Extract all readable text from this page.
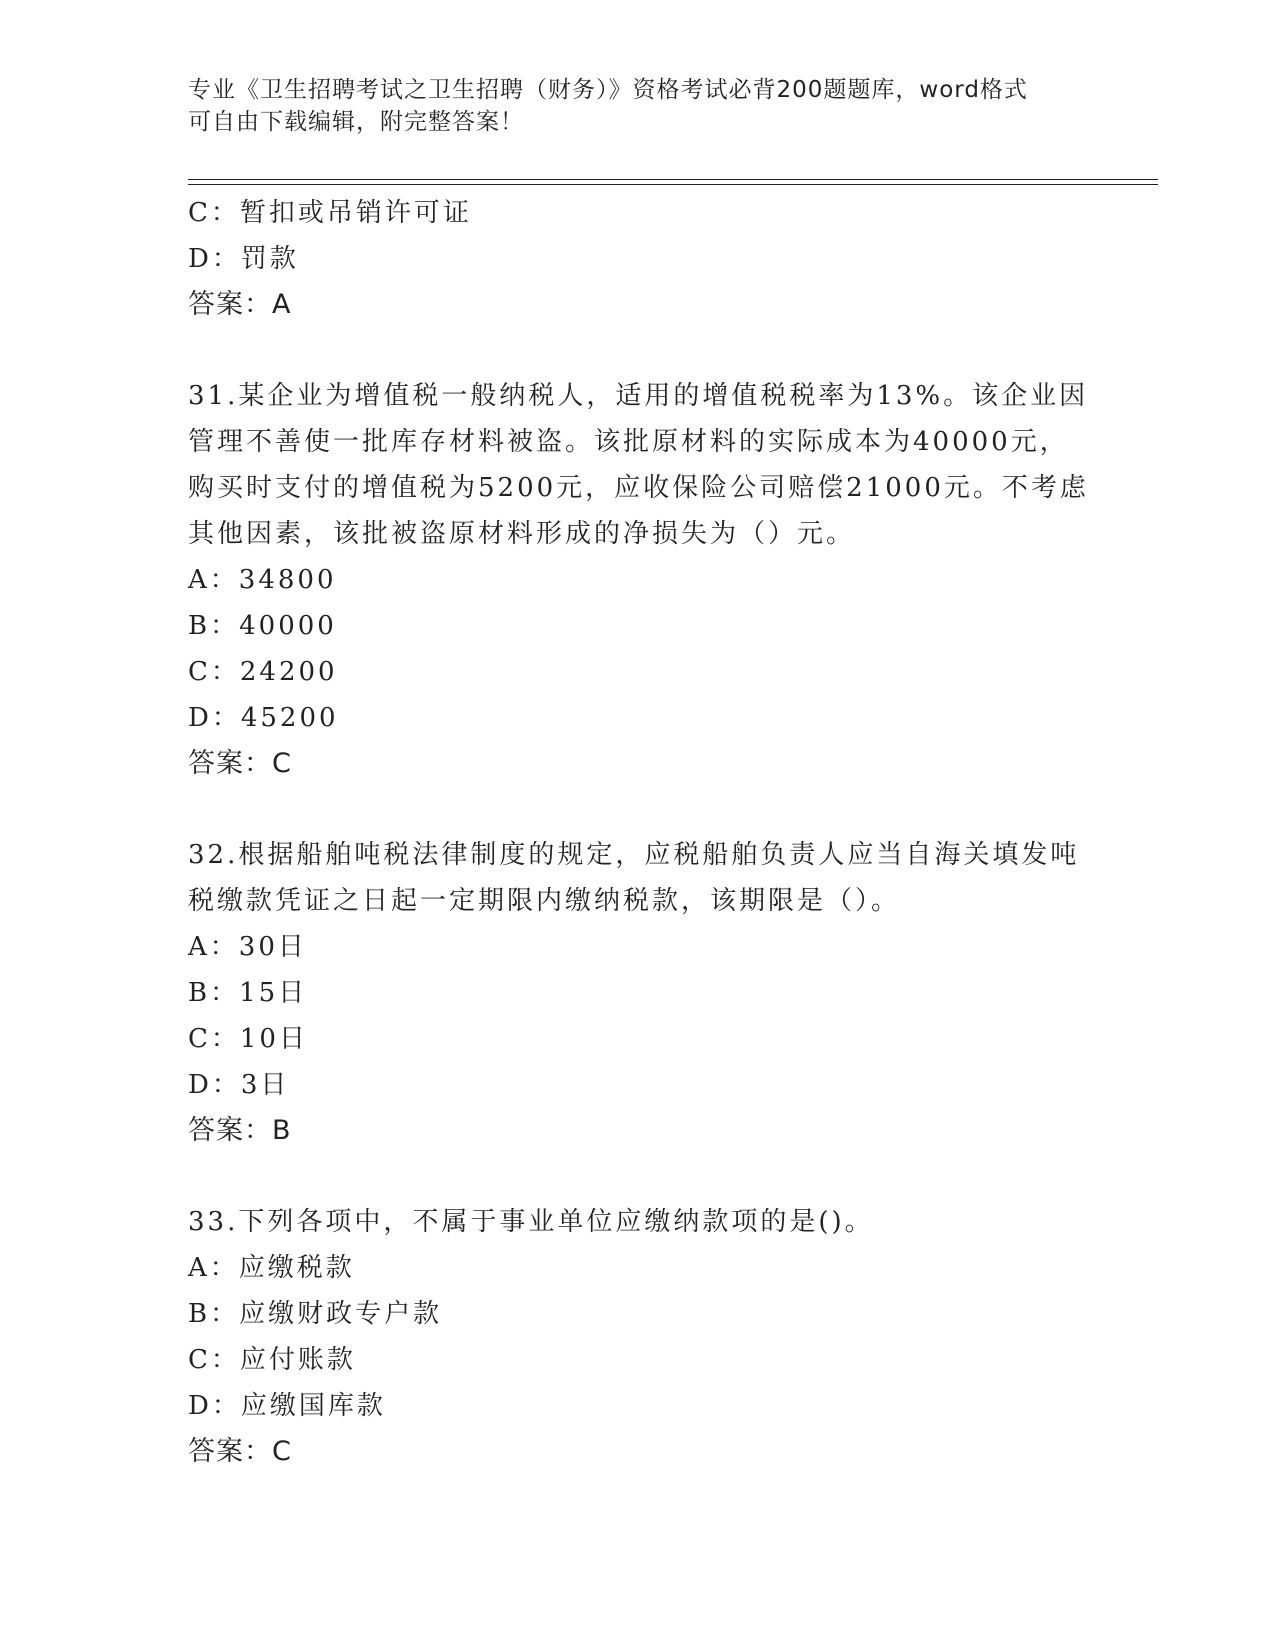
专业《卫生招聘考试之卫生招聘（财务）》资格考试必背200题题库，word格式
可自由下载编辑，附完整答案！
C：暂扣或吊销许可证
D：罚款
答案：A
31.某企业为增值税一般纳税人，适用的增值税税率为13%。该企业因
管理不善使一批库存材料被盗。该批原材料的实际成本为40000元，
购买时支付的增值税为5200元，应收保险公司赔偿21000元。不考虑
其他因素，该批被盗原材料形成的净损失为（）元。
A：34800
B：40000
C：24200
D：45200
答案：C
32.根据船舶吨税法律制度的规定，应税船舶负责人应当自海关填发吨
税缴款凭证之日起一定期限内缴纳税款，该期限是（）。
A：30日
B：15日
C：10日
D：3日
答案：B
33.下列各项中，不属于事业单位应缴纳款项的是()。
A：应缴税款
B：应缴财政专户款
C：应付账款
D：应缴国库款
答案：C
